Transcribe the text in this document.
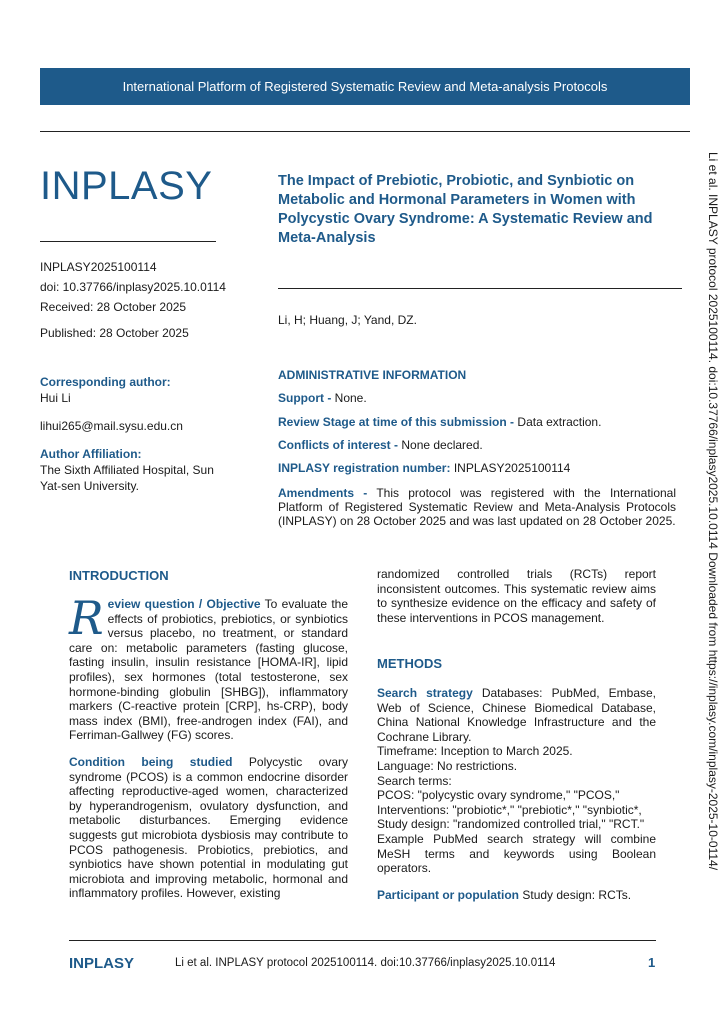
International Platform of Registered Systematic Review and Meta-analysis Protocols
INPLASY
INPLASY2025100114
doi: 10.37766/inplasy2025.10.0114
Received: 28 October 2025
Published: 28 October 2025
Corresponding author:
Hui Li
lihui265@mail.sysu.edu.cn
Author Affiliation:
The Sixth Affiliated Hospital, Sun Yat-sen University.
The Impact of Prebiotic, Probiotic, and Synbiotic on Metabolic and Hormonal Parameters in Women with Polycystic Ovary Syndrome: A Systematic Review and Meta-Analysis
Li, H; Huang, J; Yand, DZ.
ADMINISTRATIVE INFORMATION
Support - None.
Review Stage at time of this submission - Data extraction.
Conflicts of interest - None declared.
INPLASY registration number: INPLASY2025100114
Amendments - This protocol was registered with the International Platform of Registered Systematic Review and Meta-Analysis Protocols (INPLASY) on 28 October 2025 and was last updated on 28 October 2025.
INTRODUCTION

Review question / Objective To evaluate the effects of probiotics, prebiotics, or synbiotics versus placebo, no treatment, or standard care on: metabolic parameters (fasting glucose, fasting insulin, insulin resistance [HOMA-IR], lipid profiles), sex hormones (total testosterone, sex hormone-binding globulin [SHBG]), inflammatory markers (C-reactive protein [CRP], hs-CRP), body mass index (BMI), free-androgen index (FAI), and Ferriman-Gallwey (FG) scores.

Condition being studied Polycystic ovary syndrome (PCOS) is a common endocrine disorder affecting reproductive-aged women, characterized by hyperandrogenism, ovulatory dysfunction, and metabolic disturbances. Emerging evidence suggests gut microbiota dysbiosis may contribute to PCOS pathogenesis. Probiotics, prebiotics, and synbiotics have shown potential in modulating gut microbiota and improving metabolic, hormonal and inflammatory profiles. However, existing

randomized controlled trials (RCTs) report inconsistent outcomes. This systematic review aims to synthesize evidence on the efficacy and safety of these interventions in PCOS management.

METHODS
Search strategy Databases: PubMed, Embase, Web of Science, Chinese Biomedical Database, China National Knowledge Infrastructure and the Cochrane Library.
Timeframe: Inception to March 2025.
Language: No restrictions.
Search terms:
PCOS: "polycystic ovary syndrome," "PCOS,"
Interventions: "probiotic*," "prebiotic*," "synbiotic*,
Study design: "randomized controlled trial," "RCT."
Example PubMed search strategy will combine MeSH terms and keywords using Boolean operators.
Participant or population Study design: RCTs.
Li et al. INPLASY protocol 2025100114. doi:10.37766/inplasy2025.10.0114 Downloaded from https://inplasy.com/inplasy-2025-10-0114/
INPLASY	Li et al. INPLASY protocol 2025100114. doi:10.37766/inplasy2025.10.0114	1
